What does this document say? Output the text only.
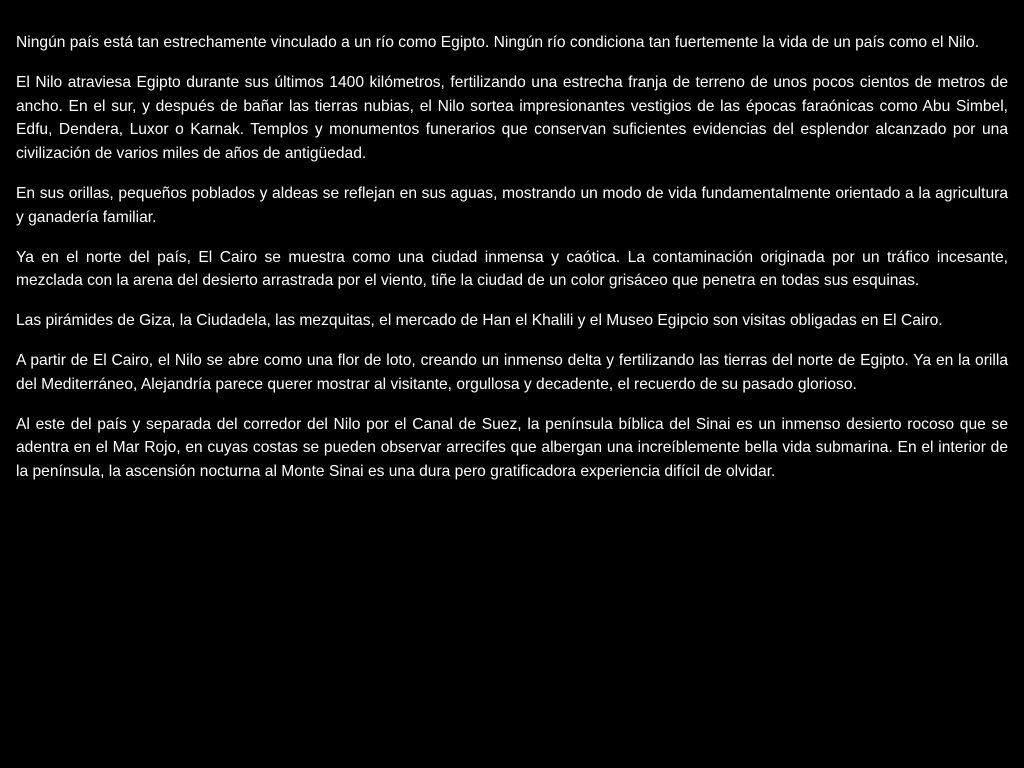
Ningún país está tan estrechamente vinculado a un río como Egipto. Ningún río condiciona tan fuertemente la vida de un país como el Nilo.

El Nilo atraviesa Egipto durante sus últimos 1400 kilómetros, fertilizando una estrecha franja de terreno de unos pocos cientos de metros de ancho. En el sur, y después de bañar las tierras nubias, el Nilo sortea impresionantes vestigios de las épocas faraónicas como Abu Simbel, Edfu, Dendera, Luxor o Karnak. Templos y monumentos funerarios que conservan suficientes evidencias del esplendor alcanzado por una civilización de varios miles de años de antigüedad.

En sus orillas, pequeños poblados y aldeas se reflejan en sus aguas, mostrando un modo de vida fundamentalmente orientado a la agricultura y ganadería familiar.

Ya en el norte del país, El Cairo se muestra como una ciudad inmensa y caótica. La contaminación originada por un tráfico incesante, mezclada con la arena del desierto arrastrada por el viento, tiñe la ciudad de un color grisáceo que penetra en todas sus esquinas.

Las pirámides de Giza, la Ciudadela, las mezquitas, el mercado de Han el Khalili y el Museo Egipcio son visitas obligadas en El Cairo.

A partir de El Cairo, el Nilo se abre como una flor de loto, creando un inmenso delta y fertilizando las tierras del norte de Egipto. Ya en la orilla del Mediterráneo, Alejandría parece querer mostrar al visitante, orgullosa y decadente, el recuerdo de su pasado glorioso.

Al este del país y separada del corredor del Nilo por el Canal de Suez, la península bíblica del Sinai es un inmenso desierto rocoso que se adentra en el Mar Rojo, en cuyas costas se pueden observar arrecifes que albergan una increíblemente bella vida submarina. En el interior de la península, la ascensión nocturna al Monte Sinai es una dura pero gratificadora experiencia difícil de olvidar.
